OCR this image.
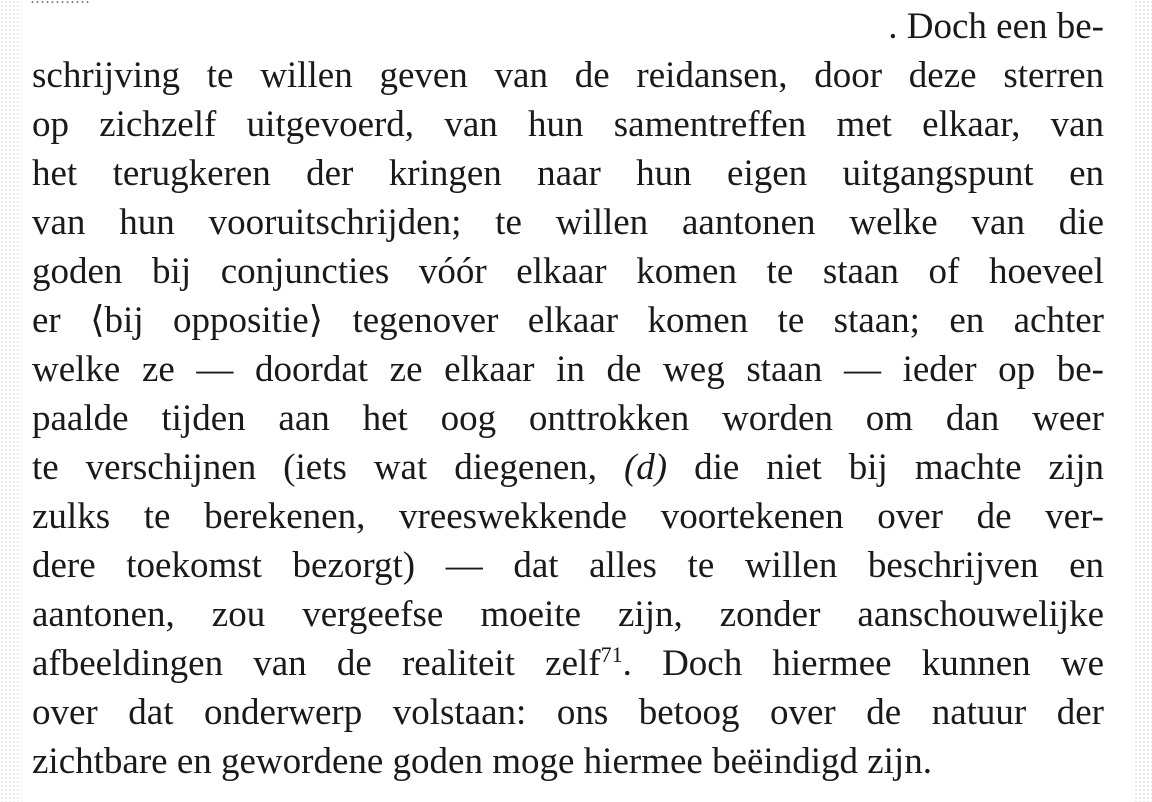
. Doch een be-
schrijving te willen geven van de reidansen, door deze sterren
op zichzelf uitgevoerd, van hun samentreffen met elkaar, van
het terugkeren der kringen naar hun eigen uitgangspunt en
van hun vooruitschrijden; te willen aantonen welke van die
goden bij conjuncties vóór elkaar komen te staan of hoeveel
er ⟨bij oppositie⟩ tegenover elkaar komen te staan; en achter
welke ze — doordat ze elkaar in de weg staan — ieder op be-
paalde tijden aan het oog onttrokken worden om dan weer
te verschijnen (iets wat diegenen, (d) die niet bij machte zijn
zulks te berekenen, vreeswekkende voortekenen over de ver-
dere toekomst bezorgt) — dat alles te willen beschrijven en
aantonen, zou vergeefse moeite zijn, zonder aanschouwelijke
afbeeldingen van de realiteit zelf$^{71}$. Doch hiermee kunnen we
over dat onderwerp volstaan: ons betoog over de natuur der
zichtbare en gewordene goden moge hiermee beëindigd zijn.
